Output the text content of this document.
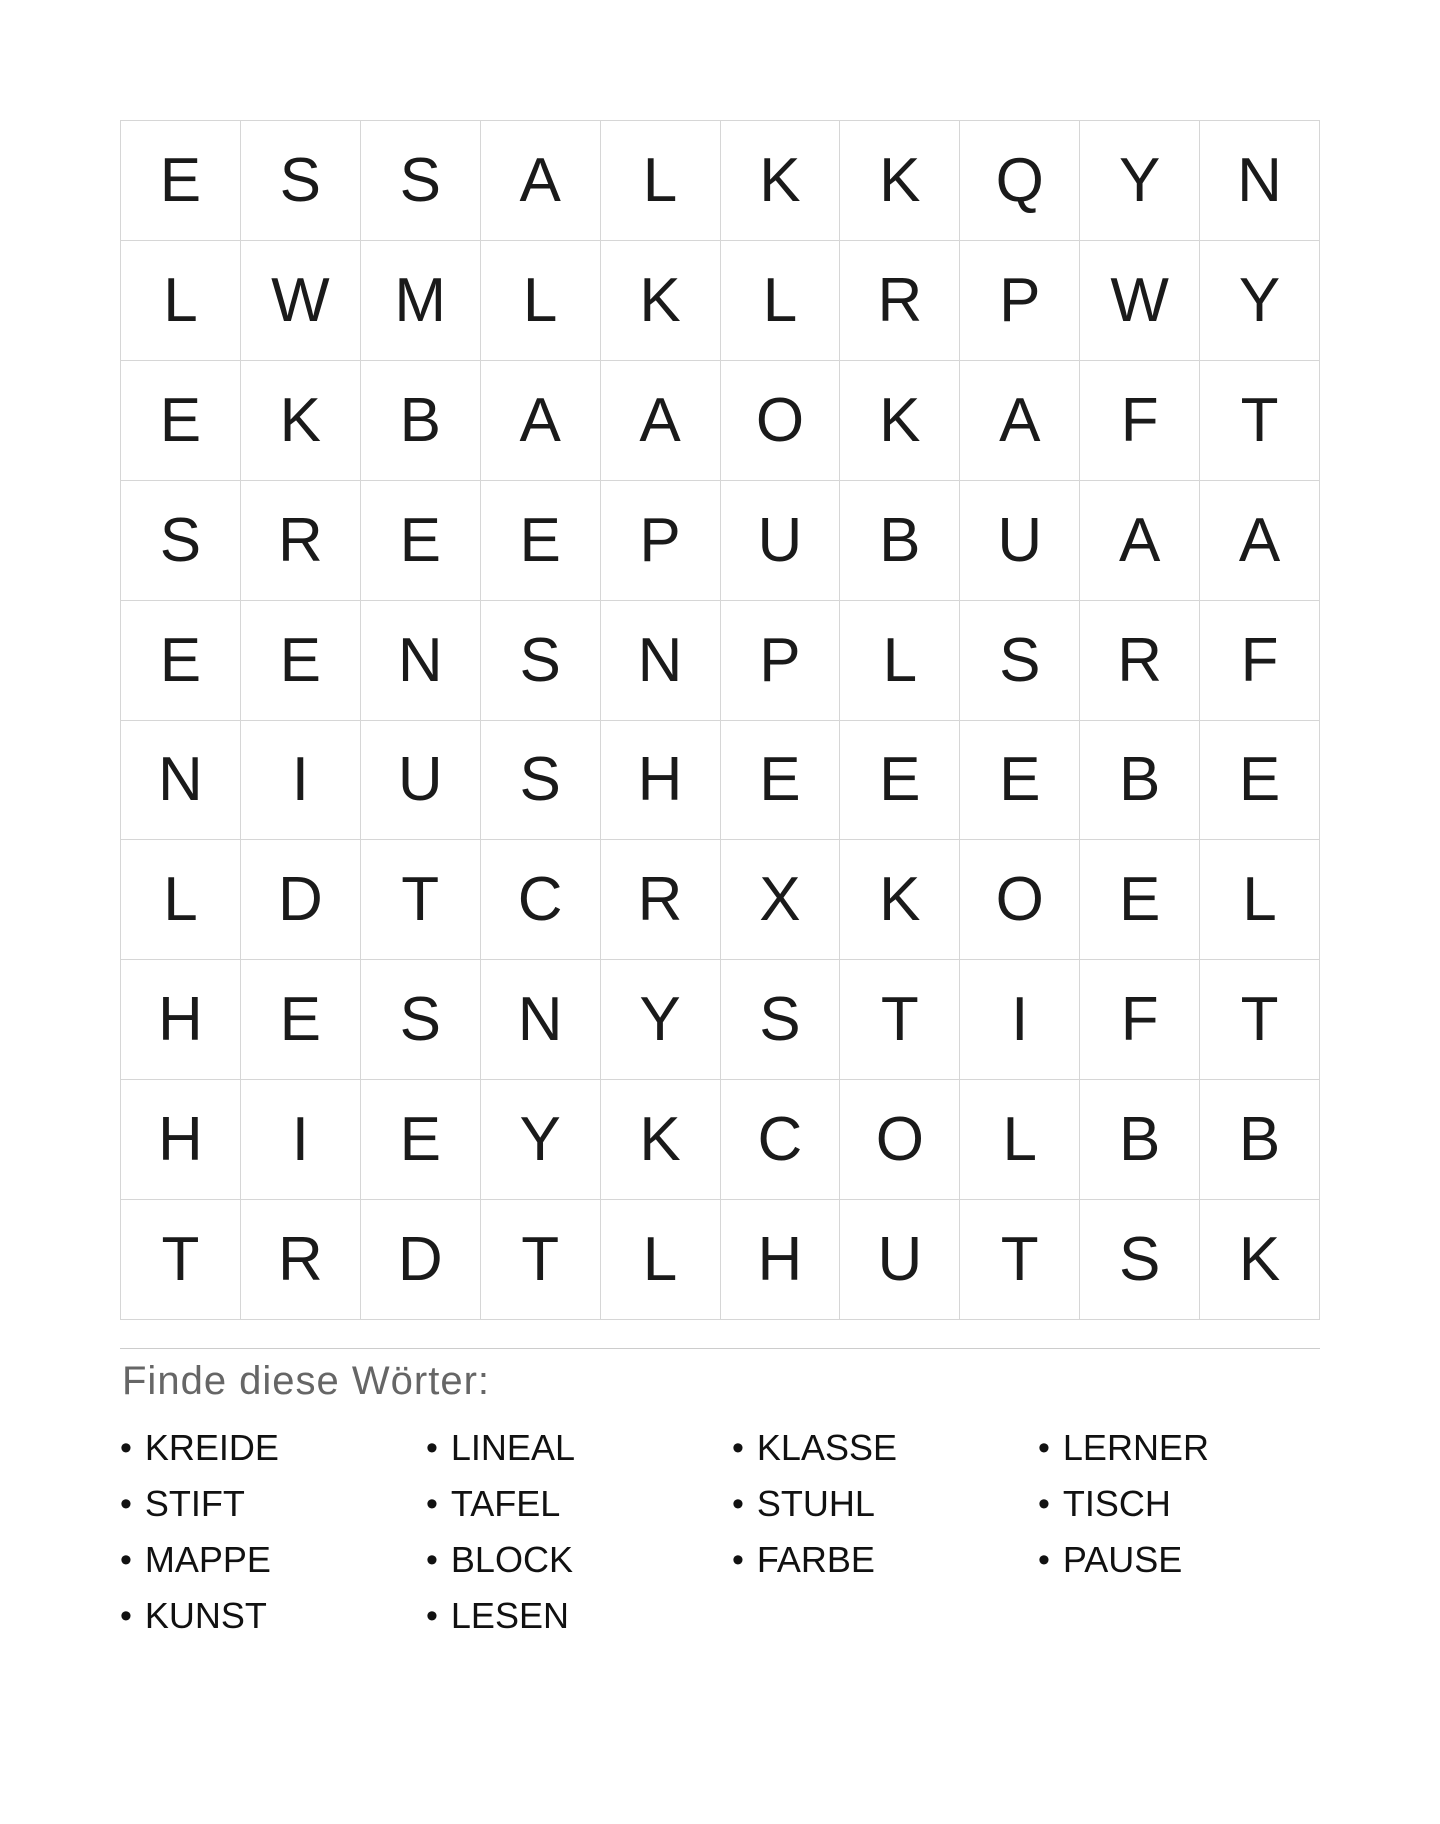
E	S	S	A	L	K	K	Q	Y	N
L	W	M	L	K	L	R	P	W	Y
E	K	B	A	A	O	K	A	F	T
S	R	E	E	P	U	B	U	A	A
E	E	N	S	N	P	L	S	R	F
N	I	U	S	H	E	E	E	B	E
L	D	T	C	R	X	K	O	E	L
H	E	S	N	Y	S	T	I	F	T
H	I	E	Y	K	C	O	L	B	B
T	R	D	T	L	H	U	T	S	K
Finde diese Wörter:
• KREIDE
• STIFT
• MAPPE
• KUNST
• LINEAL
• TAFEL
• BLOCK
• LESEN
• KLASSE
• STUHL
• FARBE
• LERNER
• TISCH
• PAUSE
